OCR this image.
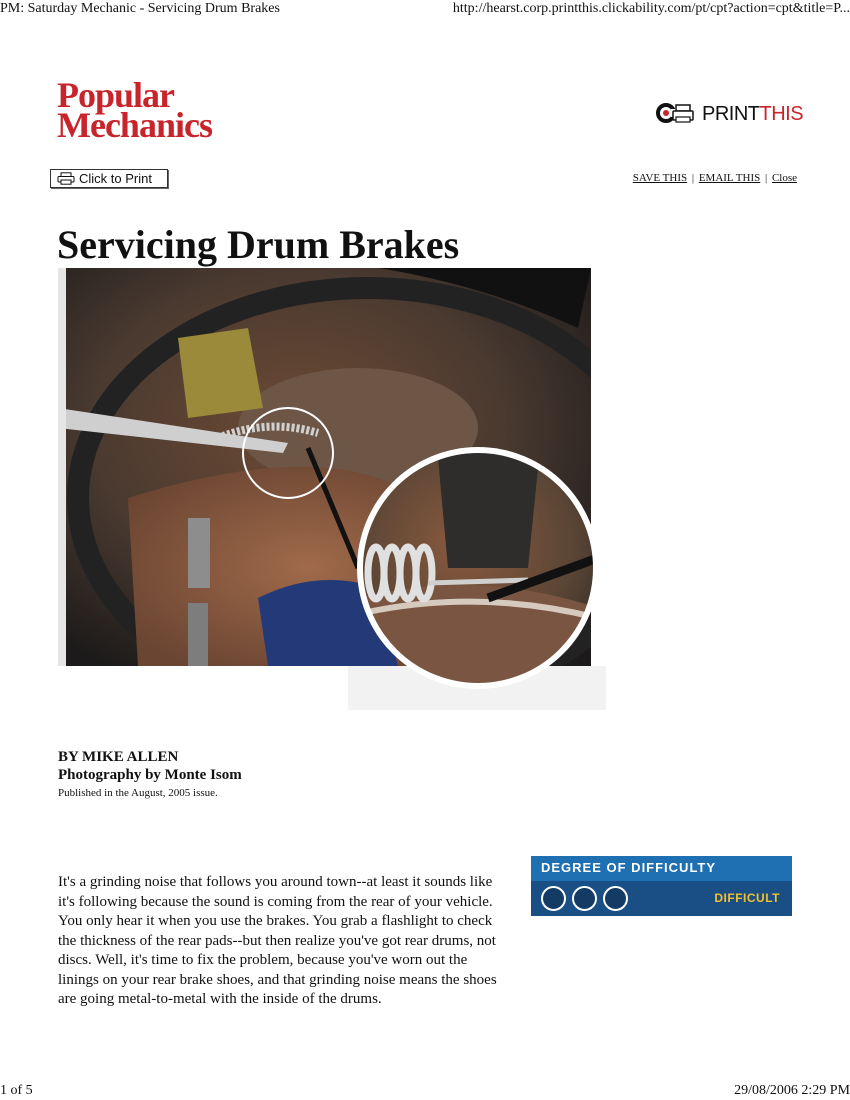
PM: Saturday Mechanic - Servicing Drum Brakes	http://hearst.corp.printthis.clickability.com/pt/cpt?action=cpt&title=P...
Popular
Mechanics	PRINTTHIS
Click to Print	SAVE THIS | EMAIL THIS | Close
Servicing Drum Brakes
BY MIKE ALLEN
Photography by Monte Isom
Published in the August, 2005 issue.
DEGREE OF DIFFICULTY
DIFFICULT

It's a grinding noise that follows you around town--at least it sounds like it's following because the sound is coming from the rear of your vehicle. You only hear it when you use the brakes. You grab a flashlight to check the thickness of the rear pads--but then realize you've got rear drums, not discs. Well, it's time to fix the problem, because you've worn out the linings on your rear brake shoes, and that grinding noise means the shoes are going metal-to-metal with the inside of the drums.

1 of 5	29/08/2006 2:29 PM
